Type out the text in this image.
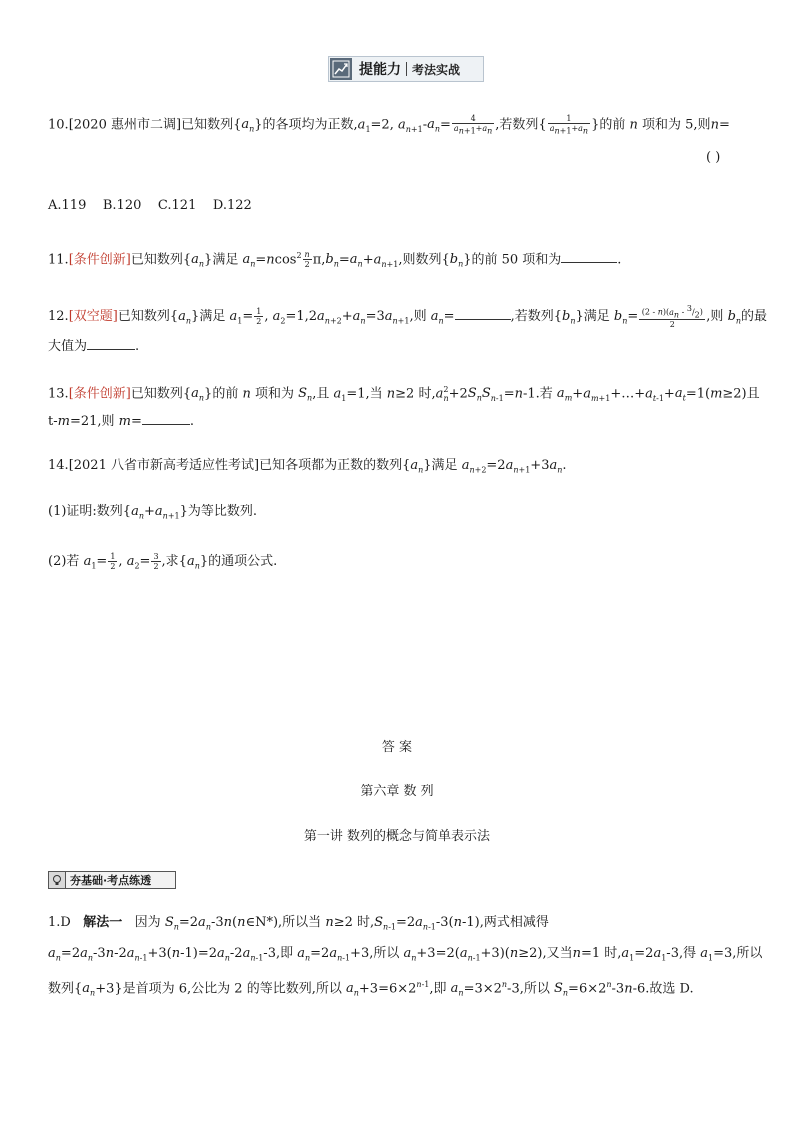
提能力 考法实战
10.[2020 惠州市二调]已知数列$\{a_n\}$的各项均为正数$,a_1=2$, $a_{n+1}-a_n= \frac{4}{a_{n+1}+a_n}$ ,若数列{ $\frac{1}{a_{n+1}+a_n}$ }的前 n 项和为 5,则n=
( )
A.119 B.120 C.121 D.122
11.[条件创新]已知数列$\{a_n\}$满足 $a_n=ncos^2 \frac{n}{2} \pi,b_n=a_n+a_{n+1}$,则数列$\{b_n\}$的前 50 项和为	.
12.[双空题]已知数列$\{a_n\}$满足 $a_1= \frac{1}{2}$ , $a_2=1,2a_{n+2}+a_n=3a_{n+1}$,则 $a_n=$	,若数列$\{b_n\}$满足 $b_n= \frac{(2 - n)(a_n - ^3/_2)}{2}$ ,则 $b_n$的最
大值为	.
13.[条件创新]已知数列$\{a_n\}$的前 n 项和为 $S_n$,且 $a_1=1$,当 n≥2 时$,a^2_n+2S_nS_{n-1}=n-1$.若 $a_m+a_{m+1}+\dots+a_{t-1}+a_t=1(m\ge 2)$且
t-m=21,则 m=	.
14.[2021 八省市新高考适应性考试]已知各项都为正数的数列$\{a_n\}$满足 $a_{n+2}=2a_{n+1}+3a_n$.
(1)证明:数列$\{a_n+a_{n+1}\}$为等比数列.
(2)若 $a_1= \frac{1}{2}$ , $a_2= \frac{3}{2}$ ,求$\{a_n\}$的通项公式.
答 案
第六章 数 列
第一讲 数列的概念与简单表示法
夯基础·考点练透
1.D 解法一 因为 $S_n=2a_n-3n(n\in N*)$,所以当 n≥2 时$,S_{n-1}=2a_{n-1}-3(n-1)$,两式相减得
$a_n=2a_n-3n-2a_{n-1}+3(n-1)=2a_n-2a_{n-1}-3$,即 $a_n=2a_{n-1}+3$,所以 $a_n+3=2(a_{n-1}+3)(n\ge 2)$,又当n=1 时$,a_1=2a_1-3$,得 $a_1=3$,所以
数列$\{a_n+3\}$是首项为 6,公比为 2 的等比数列,所以 $a_n+3=6\times 2^{n-1}$,即 $a_n=3\times 2^n-3$,所以 $S_n=6\times 2^n-3n-6$.故选 D.
